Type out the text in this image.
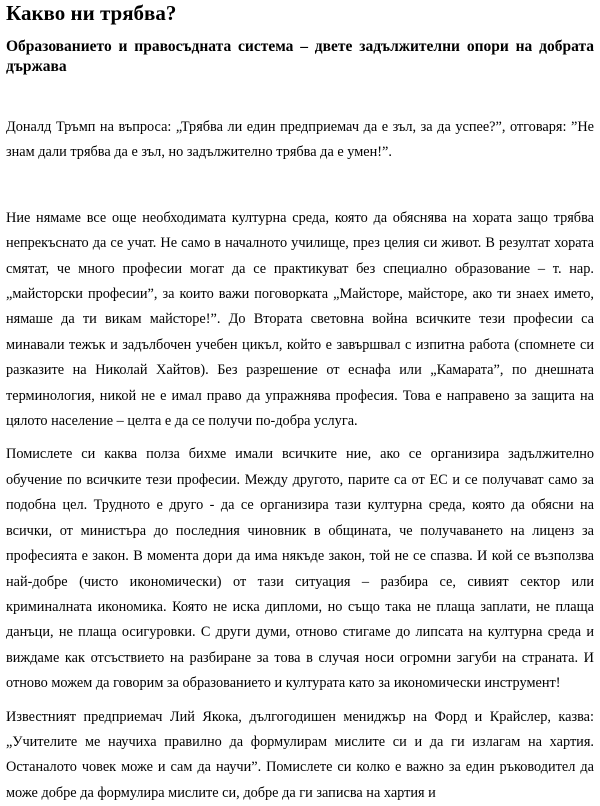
Какво ни трябва?
Образованието и правосъдната система – двете задължителни опори на добрата държава

Доналд Тръмп на въпроса: „Трябва ли един предприемач да е зъл, за да успее?”, отговаря: ”Не знам дали трябва да е зъл, но задължително трябва да е умен!”.

Ние нямаме все още необходимата културна среда, която да обяснява на хората защо трябва непрекъснато да се учат. Не само в началното училище, през целия си живот. В резултат хората смятат, че много професии могат да се практикуват без специално образование – т. нар. „майсторски професии”, за които важи поговорката „Майсторе, майсторе, ако ти знаех името, нямаше да ти викам майсторе!”. До Втората световна война всичките тези професии са минавали тежък и задълбочен учебен цикъл, който е завършвал с изпитна работа (спомнете си разказите на Николай Хайтов). Без разрешение от еснафа или „Камарата”, по днешната терминология, никой не е имал право да упражнява професия. Това е направено за защита на цялото население – целта е да се получи по-добра услуга.

Помислете си каква полза бихме имали всичките ние, ако се организира задължително обучение по всичките тези професии. Между другото, парите са от ЕС и се получават само за подобна цел. Трудното е друго - да се организира тази културна среда, която да обясни на всички, от министъра до последния чиновник в общината, че получаването на лиценз за професията е закон. В момента дори да има някъде закон, той не се спазва. И кой се възползва най-добре (чисто икономически) от тази ситуация – разбира се, сивият сектор или криминалната икономика. Която не иска дипломи, но също така не плаща заплати, не плаща данъци, не плаща осигуровки. С други думи, отново стигаме до липсата на културна среда и виждаме как отсъствието на разбиране за това в случая носи огромни загуби на страната. И отново можем да говорим за образованието и културата като за икономически инструмент!

Известният предприемач Лий Якока, дългогодишен мениджър на Форд и Крайслер, казва: „Учителите ме научиха правилно да формулирам мислите си и да ги излагам на хартия. Останалото човек може и сам да научи”. Помислете си колко е важно за един ръководител да може добре да формулира мислите си, добре да ги записва на хартия и
